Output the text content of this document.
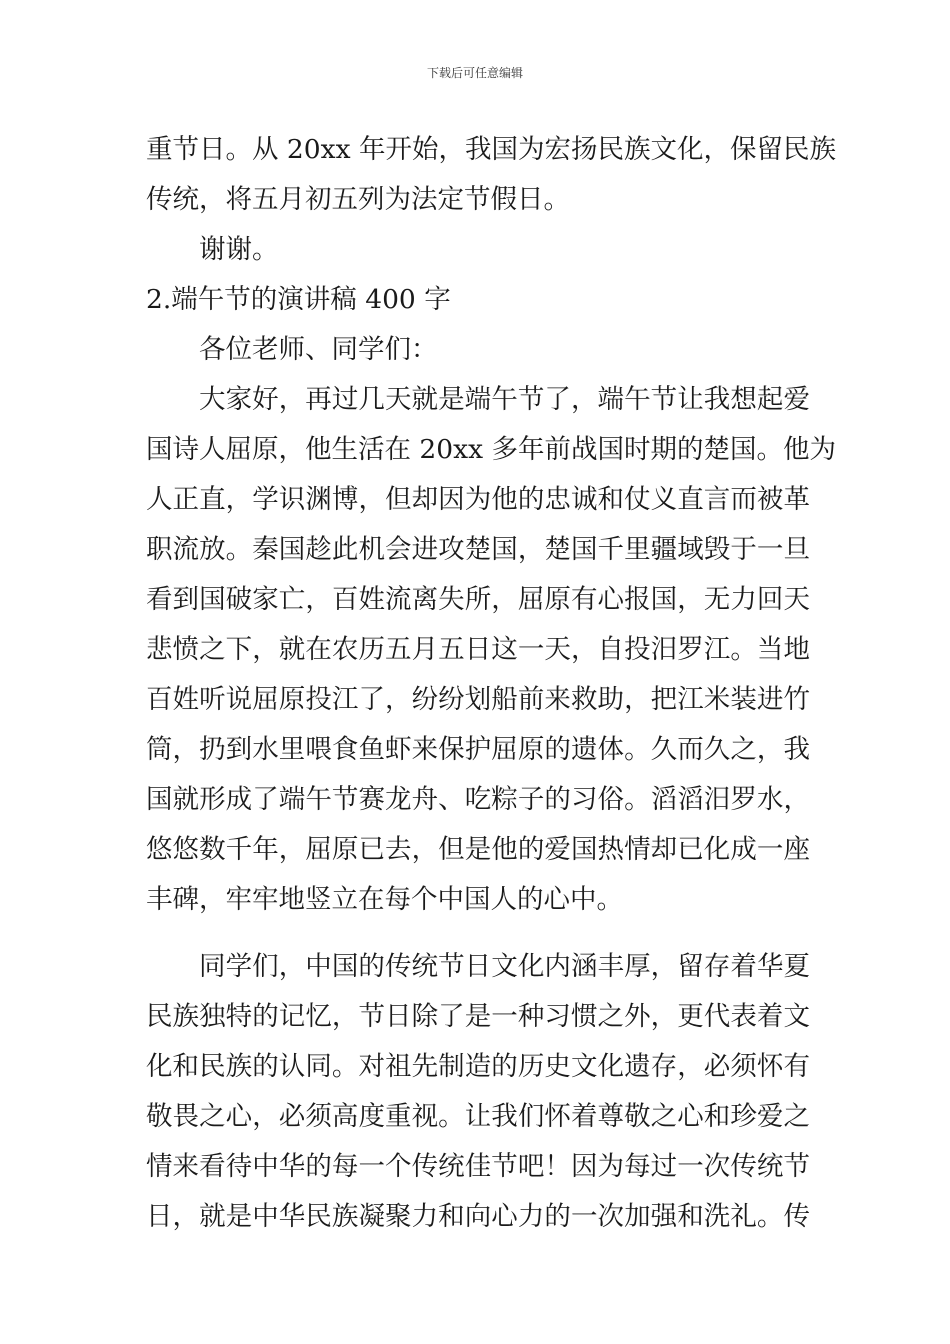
下载后可任意编辑
重节日。从 20xx 年开始，我国为宏扬民族文化，保留民族
传统，将五月初五列为法定节假日。
谢谢。
2.端午节的演讲稿 400 字
各位老师、同学们：
大家好，再过几天就是端午节了，端午节让我想起爱
国诗人屈原，他生活在 20xx 多年前战国时期的楚国。他为
人正直，学识渊博，但却因为他的忠诚和仗义直言而被革
职流放。秦国趁此机会进攻楚国，楚国千里疆域毁于一旦
看到国破家亡，百姓流离失所，屈原有心报国，无力回天
悲愤之下，就在农历五月五日这一天，自投汨罗江。当地
百姓听说屈原投江了，纷纷划船前来救助，把江米装进竹
筒，扔到水里喂食鱼虾来保护屈原的遗体。久而久之，我
国就形成了端午节赛龙舟、吃粽子的习俗。滔滔汨罗水，
悠悠数千年，屈原已去，但是他的爱国热情却已化成一座
丰碑，牢牢地竖立在每个中国人的心中。
同学们，中国的传统节日文化内涵丰厚，留存着华夏
民族独特的记忆，节日除了是一种习惯之外，更代表着文
化和民族的认同。对祖先制造的历史文化遗存，必须怀有
敬畏之心，必须高度重视。让我们怀着尊敬之心和珍爱之
情来看待中华的每一个传统佳节吧！因为每过一次传统节
日，就是中华民族凝聚力和向心力的一次加强和洗礼。传
